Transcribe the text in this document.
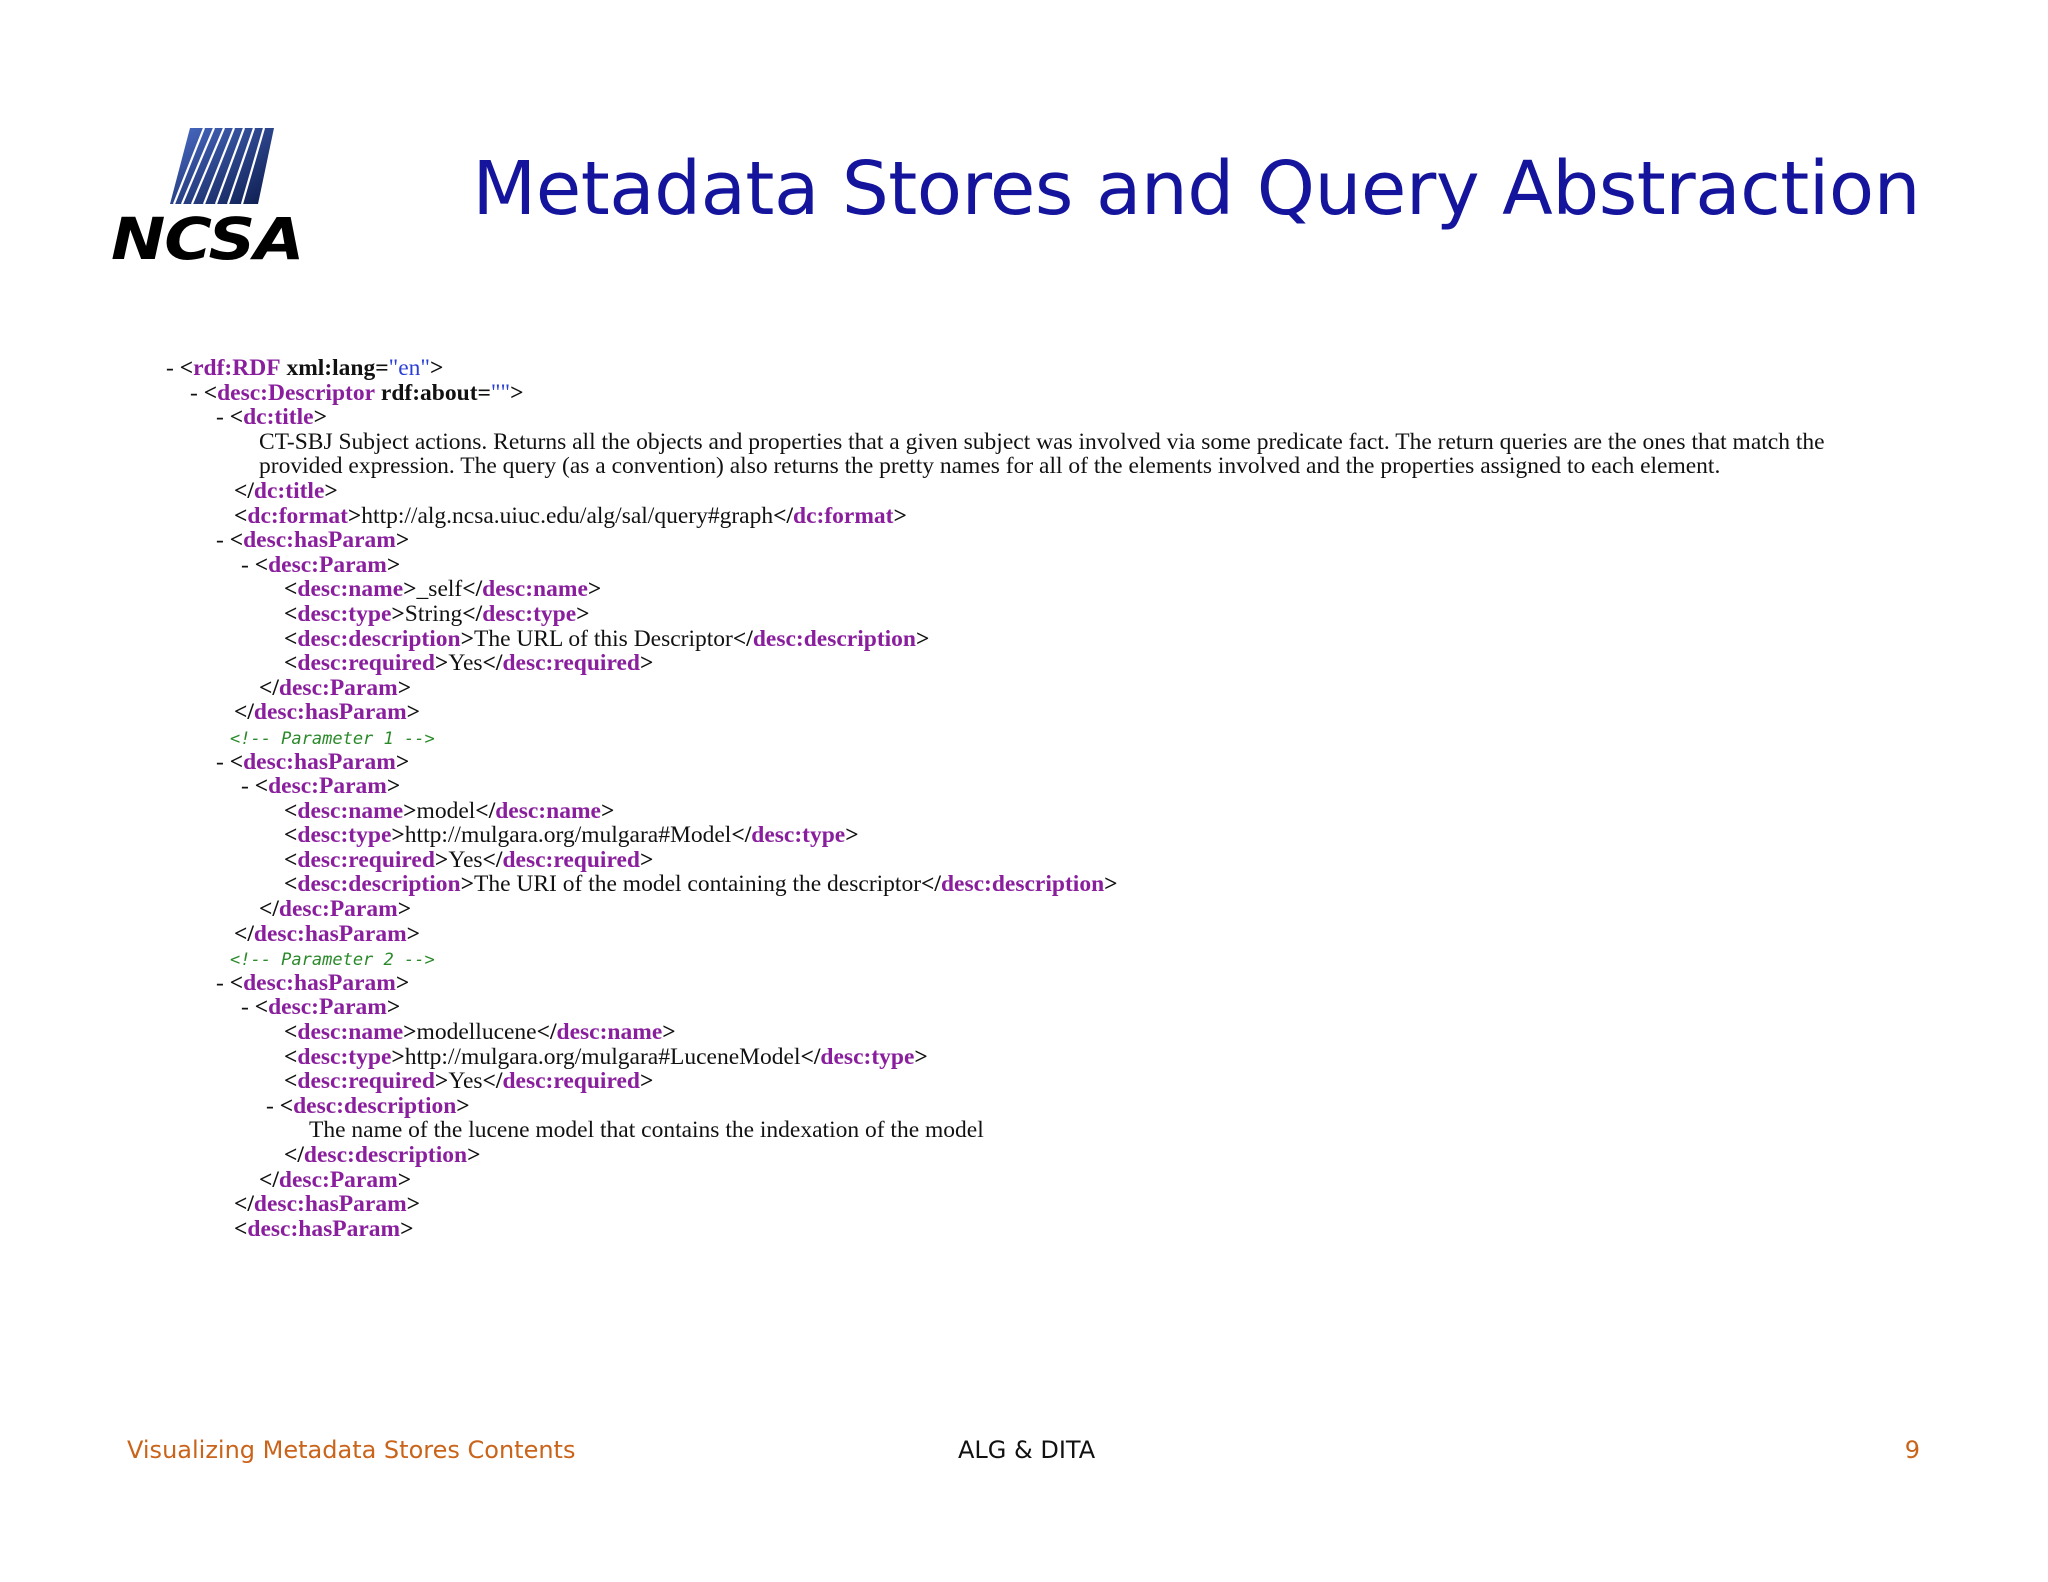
NCSA
Metadata Stores and Query Abstraction
- <rdf:RDF xml:lang="en">
- <desc:Descriptor rdf:about="">
- <dc:title>
CT-SBJ Subject actions. Returns all the objects and properties that a given subject was involved via some predicate fact. The return queries are the ones that match the provided expression. The query (as a convention) also returns the pretty names for all of the elements involved and the properties assigned to each element.
</dc:title>
<dc:format>http://alg.ncsa.uiuc.edu/alg/sal/query#graph</dc:format>
- <desc:hasParam>
- <desc:Param>
<desc:name>_self</desc:name>
<desc:type>String</desc:type>
<desc:description>The URL of this Descriptor</desc:description>
<desc:required>Yes</desc:required>
</desc:Param>
</desc:hasParam>
<!-- Parameter 1 -->
- <desc:hasParam>
- <desc:Param>
<desc:name>model</desc:name>
<desc:type>http://mulgara.org/mulgara#Model</desc:type>
<desc:required>Yes</desc:required>
<desc:description>The URI of the model containing the descriptor</desc:description>
</desc:Param>
</desc:hasParam>
<!-- Parameter 2 -->
- <desc:hasParam>
- <desc:Param>
<desc:name>modellucene</desc:name>
<desc:type>http://mulgara.org/mulgara#LuceneModel</desc:type>
<desc:required>Yes</desc:required>
- <desc:description>
The name of the lucene model that contains the indexation of the model
</desc:description>
</desc:Param>
</desc:hasParam>
<desc:hasParam>
Visualizing Metadata Stores Contents	ALG & DITA	9
